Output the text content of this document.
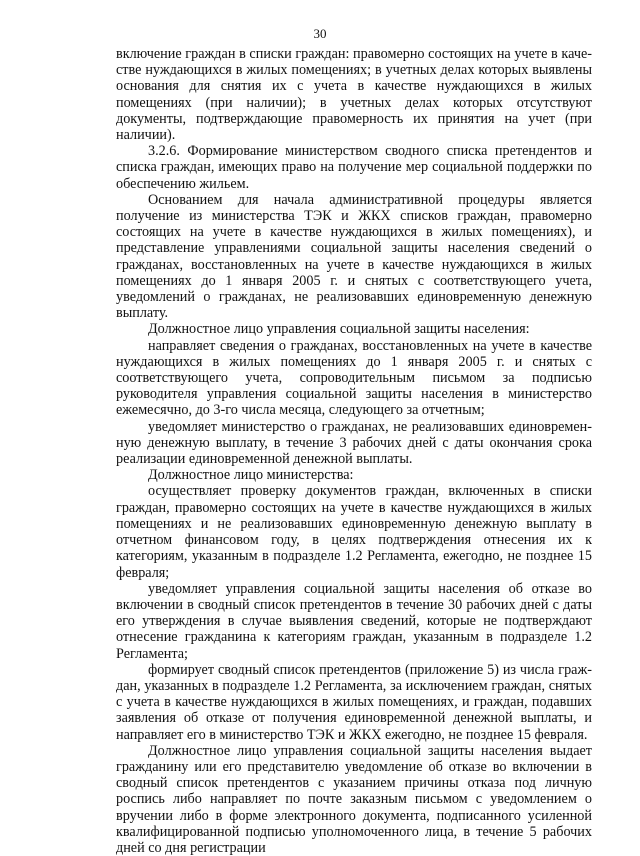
30

включение граждан в списки граждан: правомерно состоящих на учете в качестве нуждающихся в жилых помещениях; в учетных делах которых выявлены основания для снятия их с учета в качестве нуждающихся в жилых помещениях (при наличии); в учетных делах которых отсутствуют документы, подтверждающие правомерность их принятия на учет (при наличии).

3.2.6. Формирование министерством сводного списка претендентов и списка граждан, имеющих право на получение мер социальной поддержки по обеспечению жильем.

Основанием для начала административной процедуры является получение из министерства ТЭК и ЖКХ списков граждан, правомерно состоящих на учете в качестве нуждающихся в жилых помещениях), и представление управлениями социальной защиты населения сведений о гражданах, восстановленных на учете в качестве нуждающихся в жилых помещениях до 1 января 2005 г. и снятых с соответствующего учета, уведомлений о гражданах, не реализовавших единовременную денежную выплату.

Должностное лицо управления социальной защиты населения:

направляет сведения о гражданах, восстановленных на учете в качестве нуждающихся в жилых помещениях до 1 января 2005 г. и снятых с соответствующего учета, сопроводительным письмом за подписью руководителя управления социальной защиты населения в министерство ежемесячно, до 3-го числа месяца, следующего за отчетным;

уведомляет министерство о гражданах, не реализовавших единовременную денежную выплату, в течение 3 рабочих дней с даты окончания срока реализации единовременной денежной выплаты.

Должностное лицо министерства:

осуществляет проверку документов граждан, включенных в списки граждан, правомерно состоящих на учете в качестве нуждающихся в жилых помещениях и не реализовавших единовременную денежную выплату в отчетном финансовом году, в целях подтверждения отнесения их к категориям, указанным в подразделе 1.2 Регламента, ежегодно, не позднее 15 февраля;

уведомляет управления социальной защиты населения об отказе во включении в сводный список претендентов в течение 30 рабочих дней с даты его утверждения в случае выявления сведений, которые не подтверждают отнесение гражданина к категориям граждан, указанным в подразделе 1.2 Регламента;

формирует сводный список претендентов (приложение 5) из числа граждан, указанных в подразделе 1.2 Регламента, за исключением граждан, снятых с учета в качестве нуждающихся в жилых помещениях, и граждан, подавших заявления об отказе от получения единовременной денежной выплаты, и направляет его в министерство ТЭК и ЖКХ ежегодно, не позднее 15 февраля.

Должностное лицо управления социальной защиты населения выдает гражданину или его представителю уведомление об отказе во включении в сводный список претендентов с указанием причины отказа под личную роспись либо направляет по почте заказным письмом с уведомлением о вручении либо в форме электронного документа, подписанного усиленной квалифицированной подписью уполномоченного лица, в течение 5 рабочих дней со дня регистрации
